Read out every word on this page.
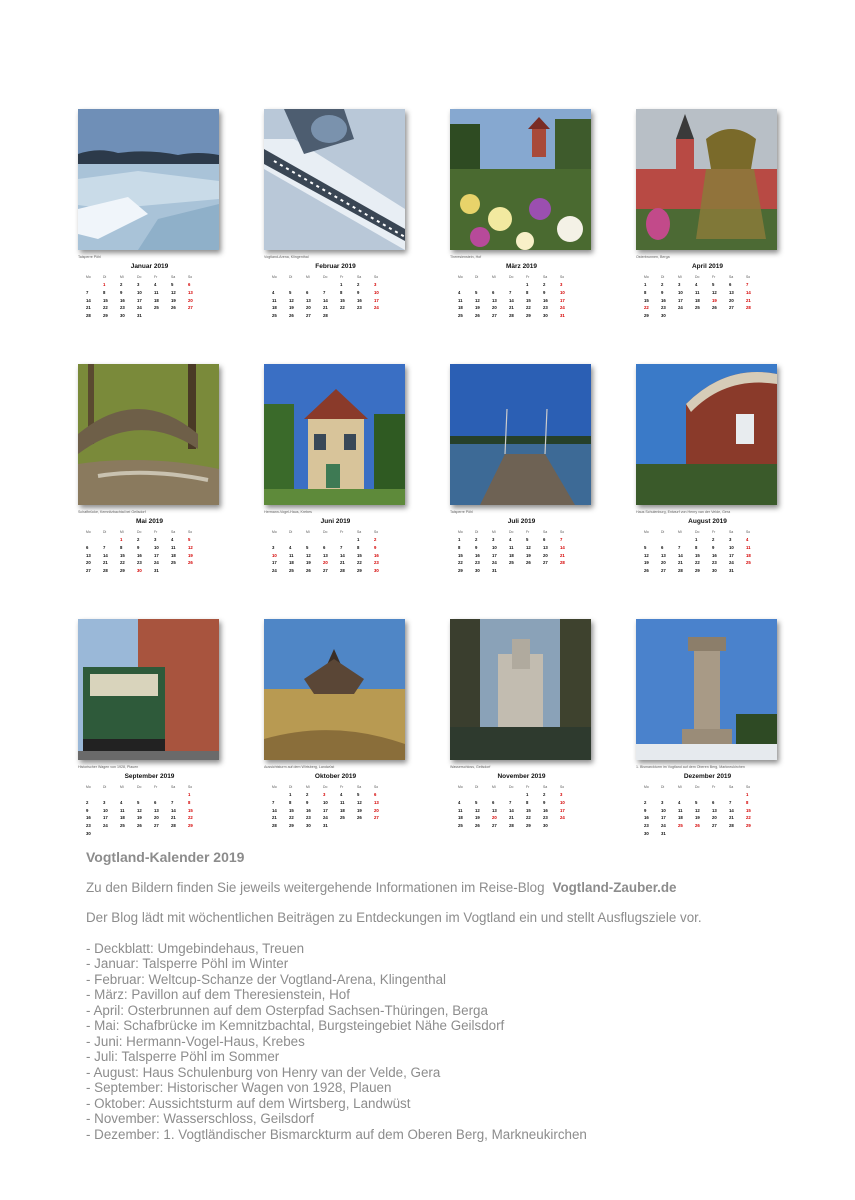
Talsperre Pöhl
Januar 2019
Mo	Di	Mi	Do	Fr	Sa	So
	1	2	3	4	5	6
7	8	9	10	11	12	13
14	15	16	17	18	19	20
21	22	23	24	25	26	27
28	29	30	31			
Vogtland-Arena, Klingenthal
Februar 2019
Mo	Di	Mi	Do	Fr	Sa	So
				1	2	3
4	5	6	7	8	9	10
11	12	13	14	15	16	17
18	19	20	21	22	23	24
25	26	27	28			
Theresienstein, Hof
März 2019
Mo	Di	Mi	Do	Fr	Sa	So
				1	2	3
4	5	6	7	8	9	10
11	12	13	14	15	16	17
18	19	20	21	22	23	24
25	26	27	28	29	30	31
Osterbrunnen, Berga
April 2019
Mo	Di	Mi	Do	Fr	Sa	So
1	2	3	4	5	6	7
8	9	10	11	12	13	14
15	16	17	18	19	20	21
22	23	24	25	26	27	28
29	30					
Schafbrücke, Kemnitzbachtal bei Geilsdorf
Mai 2019
Mo	Di	Mi	Do	Fr	Sa	So
		1	2	3	4	5
6	7	8	9	10	11	12
13	14	15	16	17	18	19
20	21	22	23	24	25	26
27	28	29	30	31		
Hermann-Vogel-Haus, Krebes
Juni 2019
Mo	Di	Mi	Do	Fr	Sa	So
					1	2
3	4	5	6	7	8	9
10	11	12	13	14	15	16
17	18	19	20	21	22	23
24	25	26	27	28	29	30
Talsperre Pöhl
Juli 2019
Mo	Di	Mi	Do	Fr	Sa	So
1	2	3	4	5	6	7
8	9	10	11	12	13	14
15	16	17	18	19	20	21
22	23	24	25	26	27	28
29	30	31				
Haus Schulenburg, Entwurf von Henry van der Velde, Gera
August 2019
Mo	Di	Mi	Do	Fr	Sa	So
			1	2	3	4
5	6	7	8	9	10	11
12	13	14	15	16	17	18
19	20	21	22	23	24	25
26	27	28	29	30	31	
Historischer Wagen von 1928, Plauen
September 2019
Mo	Di	Mi	Do	Fr	Sa	So
						1
2	3	4	5	6	7	8
9	10	11	12	13	14	15
16	17	18	19	20	21	22
23	24	25	26	27	28	29
30						
Aussichtsturm auf dem Wirtsberg, Landwüst
Oktober 2019
Mo	Di	Mi	Do	Fr	Sa	So
	1	2	3	4	5	6
7	8	9	10	11	12	13
14	15	16	17	18	19	20
21	22	23	24	25	26	27
28	29	30	31			
Wasserschloss, Geilsdorf
November 2019
Mo	Di	Mi	Do	Fr	Sa	So
				1	2	3
4	5	6	7	8	9	10
11	12	13	14	15	16	17
18	19	20	21	22	23	24
25	26	27	28	29	30	
1. Bismarckturm im Vogtland auf dem Oberen Berg, Markneukirchen
Dezember 2019
Mo	Di	Mi	Do	Fr	Sa	So
						1
2	3	4	5	6	7	8
9	10	11	12	13	14	15
16	17	18	19	20	21	22
23	24	25	26	27	28	29
30	31					
Vogtland-Kalender 2019

Zu den Bildern finden Sie jeweils weitergehende Informationen im Reise-Blog Vogtland-Zauber.de

Der Blog lädt mit wöchentlichen Beiträgen zu Entdeckungen im Vogtland ein und stellt Ausflugsziele vor.

- Deckblatt: Umgebindehaus, Treuen
- Januar: Talsperre Pöhl im Winter
- Februar: Weltcup-Schanze der Vogtland-Arena, Klingenthal
- März: Pavillon auf dem Theresienstein, Hof
- April: Osterbrunnen auf dem Osterpfad Sachsen-Thüringen, Berga
- Mai: Schafbrücke im Kemnitzbachtal, Burgsteingebiet Nähe Geilsdorf
- Juni: Hermann-Vogel-Haus, Krebes
- Juli: Talsperre Pöhl im Sommer
- August: Haus Schulenburg von Henry van der Velde, Gera
- September: Historischer Wagen von 1928, Plauen
- Oktober: Aussichtsturm auf dem Wirtsberg, Landwüst
- November: Wasserschloss, Geilsdorf
- Dezember: 1. Vogtländischer Bismarckturm auf dem Oberen Berg, Markneukirchen
